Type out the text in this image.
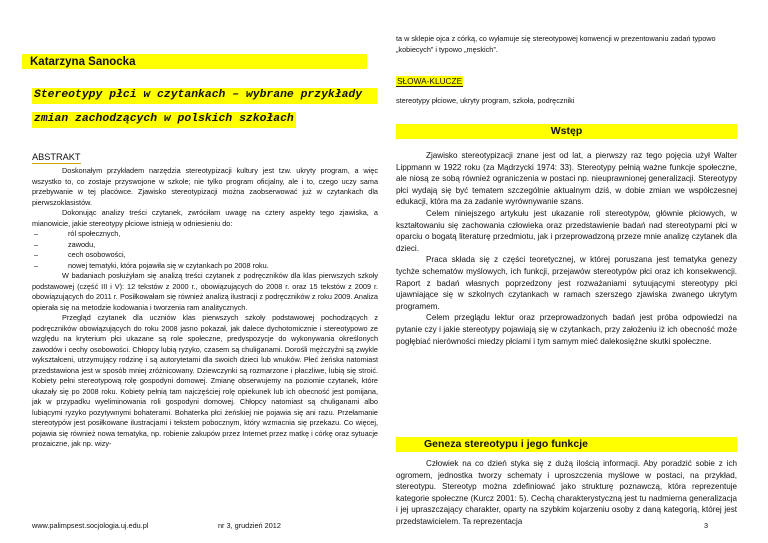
Katarzyna Sanocka
Stereotypy płci w czytankach – wybrane przykłady
zmian zachodzących w polskich szkołach
ABSTRAKT

Doskonałym przykładem narzędzia stereotypizacji kultury jest tzw. ukryty program, a więc wszystko to, co zostaje przyswojone w szkole; nie tylko program oficjalny, ale i to, czego uczy sama przebywanie w tej placówce. Zjawisko stereotypizacji można zaobserwować już w czytankach dla pierwszoklasistów.

Dokonując analizy treści czytanek, zwróciłam uwagę na cztery aspekty tego zjawiska, a mianowicie, jakie stereotypy płciowe istnieją w odniesieniu do:

– ról społecznych,
– zawodu,
– cech osobowości,
– nowej tematyki, która pojawiła się w czytankach po 2008 roku.

W badaniach posłużyłam się analizą treści czytanek z podręczników dla klas pierwszych szkoły podstawowej (część III i V): 12 tekstów z 2000 r., obowiązujących do 2008 r. oraz 15 tekstów z 2009 r. obowiązujących do 2011 r. Posiłkowałam się również analizą ilustracji z podręczników z roku 2009. Analiza opierała się na metodzie kodowania i tworzenia ram analitycznych.

Przegląd czytanek dla uczniów klas pierwszych szkoły podstawowej pochodzących z podręczników obowiązujących do roku 2008 jasno pokazał, jak dalece dychotomicznie i stereotypowo ze względu na kryterium płci ukazane są role społeczne, predyspozycje do wykonywania określonych zawodów i cechy osobowości. Chłopcy lubią ryzyko, czasem są chuliganami. Dorośli mężczyźni są zwykle wykształceni, utrzymujący rodzinę i są autorytetami dla swoich dzieci lub wnuków. Płeć żeńska natomiast przedstawiona jest w sposób mniej zróżnicowany. Dziewczynki są rozmarzone i płaczliwe, lubią się stroić. Kobiety pełni stereotypową rolę gospodyni domowej. Zmianę obserwujemy na poziomie czytanek, które ukazały się po 2008 roku. Kobiety pełnią tam najczęściej rolę opiekunek lub ich obecność jest pomijana, jak w przypadku wyeliminowania roli gospodyni domowej. Chłopcy natomiast są chuliganami albo lubiącymi ryzyko pozytywnymi bohaterami. Bohaterka płci żeńskiej nie pojawia się ani razu. Przełamanie stereotypów jest posiłkowane ilustracjami i tekstem pobocznym, który wzmacnia się przekazu. Co więcej, pojawia się również nowa tematyka, np. robienie zakupów przez Internet przez matkę i córkę oraz sytuacje prozaiczne, jak np. wizy-

ta w sklepie ojca z córką, co wyłamuje się stereotypowej konwencji w prezentowaniu zadań typowo „kobiecych” i typowo „męskich”.
SŁOWA-KLUCZE
stereotypy płciowe, ukryty program, szkoła, podręczniki
Wstęp

Zjawisko stereotypizacji znane jest od lat, a pierwszy raz tego pojęcia użył Walter Lippmann w 1922 roku (za Mądrzycki 1974: 33). Stereotypy pełnią ważne funkcje społeczne, ale niosą ze sobą również ograniczenia w postaci np. nieuprawnionej generalizacji. Stereotypy płci wydają się być tematem szczególnie aktualnym dziś, w dobie zmian we współczesnej edukacji, która ma za zadanie wyrównywanie szans.

Celem niniejszego artykułu jest ukazanie roli stereotypów, głównie płciowych, w kształtowaniu się zachowania człowieka oraz przedstawienie badań nad stereotypami płci w oparciu o bogatą literaturę przedmiotu, jak i przeprowadzoną przeze mnie analizę czytanek dla dzieci.

Praca składa się z części teoretycznej, w której poruszana jest tematyka genezy tychże schematów myślowych, ich funkcji, przejawów stereotypów płci oraz ich konsekwencji. Raport z badań własnych poprzedzony jest rozważaniami sytuującymi stereotypy płci ujawniające się w szkolnych czytankach w ramach szerszego zjawiska zwanego ukrytym programem.

Celem przeglądu lektur oraz przeprowadzonych badań jest próba odpowiedzi na pytanie czy i jakie stereotypy pojawiają się w czytankach, przy założeniu iż ich obecność może pogłębiać nierówności miedzy płciami i tym samym mieć dalekosiężne skutki społeczne.

Geneza stereotypu i jego funkcje

Człowiek na co dzień styka się z dużą ilością informacji. Aby poradzić sobie z ich ogromem, jednostka tworzy schematy i uproszczenia myślowe w postaci, na przykład, stereotypu. Stereotyp można zdefiniować jako strukturę poznawczą, która reprezentuje kategorie społeczne (Kurcz 2001: 5). Cechą charakterystyczną jest tu nadmierna generalizacja i jej upraszczający charakter, oparty na szybkim kojarzeniu osoby z daną kategorią, której jest przedstawicielem. Ta reprezentacja

www.palimpsest.socjologia.uj.edu.pl	nr 3, grudzień 2012	3
